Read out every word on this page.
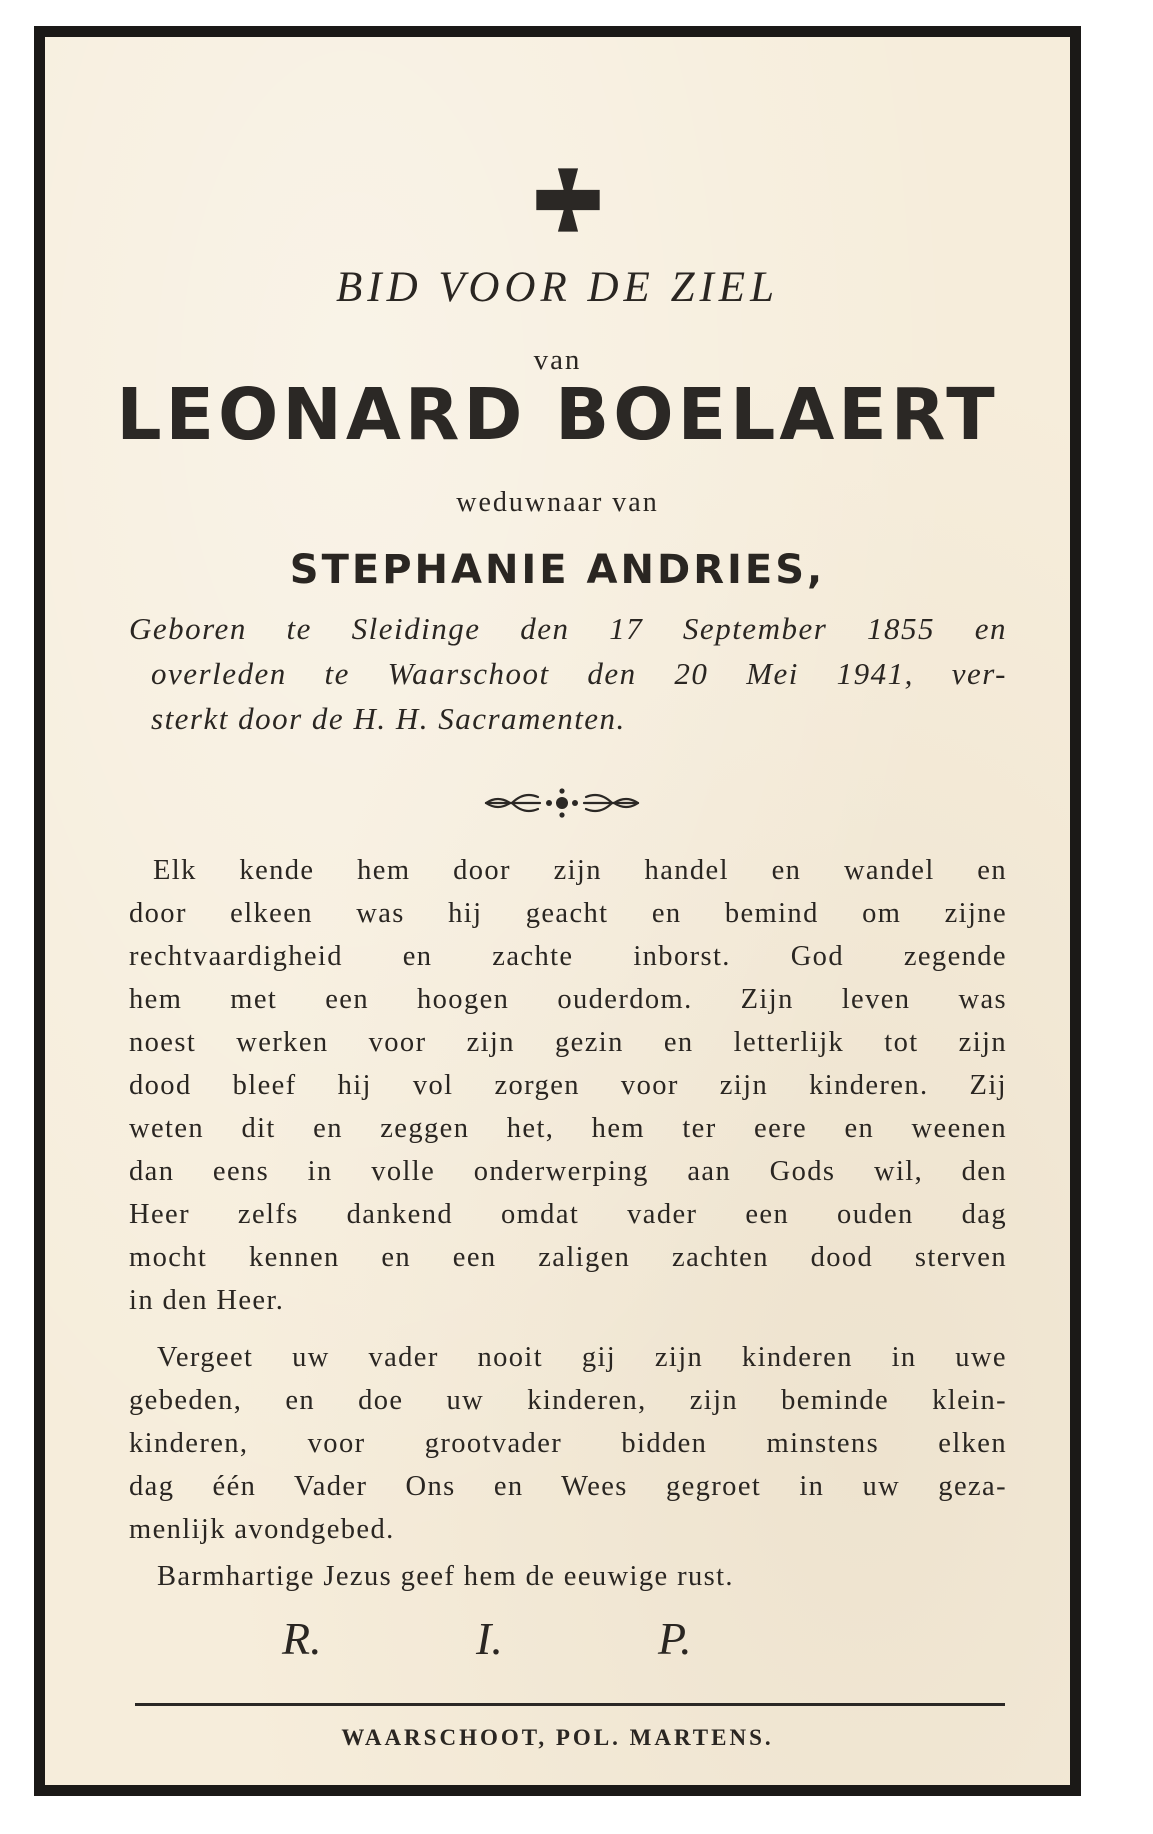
BID VOOR DE ZIEL
van
LEONARD BOELAERT
weduwnaar van
STEPHANIE ANDRIES,
Geboren te Sleidinge den 17 September 1855 en
overleden te Waarschoot den 20 Mei 1941, ver-
sterkt door de H. H. Sacramenten.
Elk kende hem door zijn handel en wandel en
door elkeen was hij geacht en bemind om zijne
rechtvaardigheid en zachte inborst. God zegende
hem met een hoogen ouderdom. Zijn leven was
noest werken voor zijn gezin en letterlijk tot zijn
dood bleef hij vol zorgen voor zijn kinderen. Zij
weten dit en zeggen het, hem ter eere en weenen
dan eens in volle onderwerping aan Gods wil, den
Heer zelfs dankend omdat vader een ouden dag
mocht kennen en een zaligen zachten dood sterven
in den Heer.
Vergeet uw vader nooit gij zijn kinderen in uwe
gebeden, en doe uw kinderen, zijn beminde klein-
kinderen, voor grootvader bidden minstens elken
dag één Vader Ons en Wees gegroet in uw geza-
menlijk avondgebed.
Barmhartige Jezus geef hem de eeuwige rust.
R.	I.	P.
WAARSCHOOT, POL. MARTENS.
